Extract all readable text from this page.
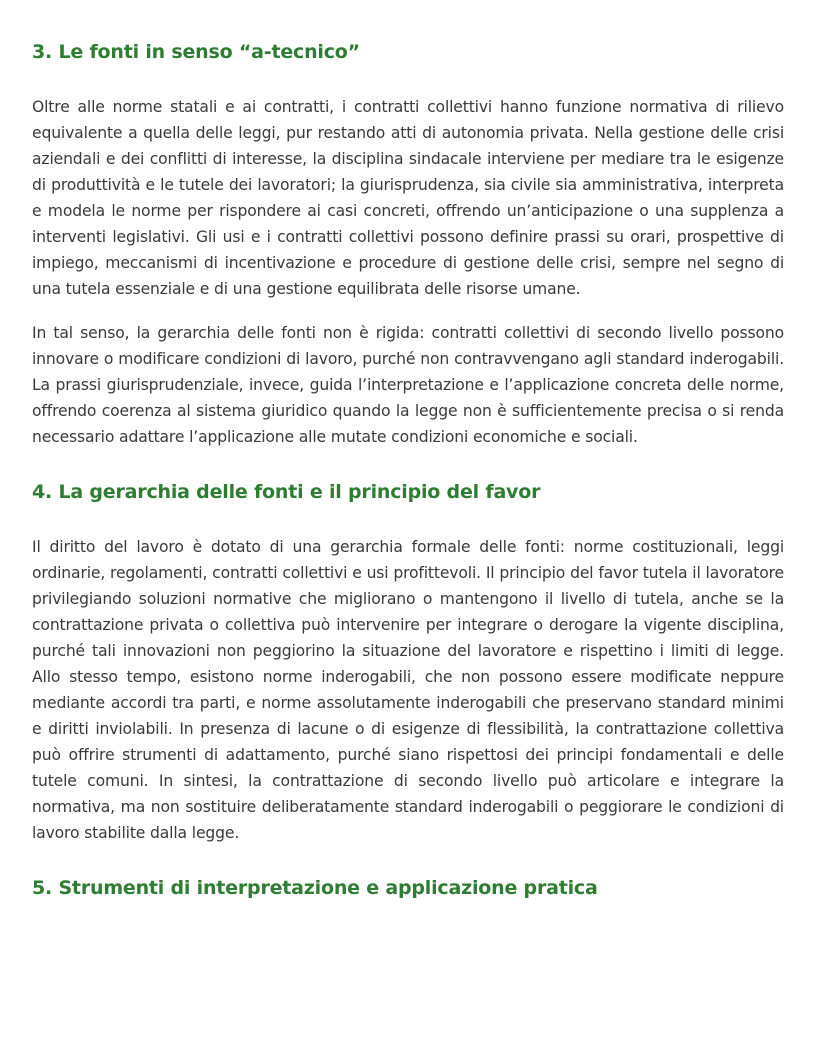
3. Le fonti in senso “a-tecnico”

Oltre alle norme statali e ai contratti, i contratti collettivi hanno funzione normativa di rilievo equivalente a quella delle leggi, pur restando atti di autonomia privata. Nella gestione delle crisi aziendali e dei conflitti di interesse, la disciplina sindacale interviene per mediare tra le esigenze di produttività e le tutele dei lavoratori; la giurisprudenza, sia civile sia amministrativa, interpreta e modela le norme per rispondere ai casi concreti, offrendo un’anticipazione o una supplenza a interventi legislativi. Gli usi e i contratti collettivi possono definire prassi su orari, prospettive di impiego, meccanismi di incentivazione e procedure di gestione delle crisi, sempre nel segno di una tutela essenziale e di una gestione equilibrata delle risorse umane.

In tal senso, la gerarchia delle fonti non è rigida: contratti collettivi di secondo livello possono innovare o modificare condizioni di lavoro, purché non contravvengano agli standard inderogabili. La prassi giurisprudenziale, invece, guida l’interpretazione e l’applicazione concreta delle norme, offrendo coerenza al sistema giuridico quando la legge non è sufficientemente precisa o si renda necessario adattare l’applicazione alle mutate condizioni economiche e sociali.

4. La gerarchia delle fonti e il principio del favor

Il diritto del lavoro è dotato di una gerarchia formale delle fonti: norme costituzionali, leggi ordinarie, regolamenti, contratti collettivi e usi profittevoli. Il principio del favor tutela il lavoratore privilegiando soluzioni normative che migliorano o mantengono il livello di tutela, anche se la contrattazione privata o collettiva può intervenire per integrare o derogare la vigente disciplina, purché tali innovazioni non peggiorino la situazione del lavoratore e rispettino i limiti di legge. Allo stesso tempo, esistono norme inderogabili, che non possono essere modificate neppure mediante accordi tra parti, e norme assolutamente inderogabili che preservano standard minimi e diritti inviolabili. In presenza di lacune o di esigenze di flessibilità, la contrattazione collettiva può offrire strumenti di adattamento, purché siano rispettosi dei principi fondamentali e delle tutele comuni. In sintesi, la contrattazione di secondo livello può articolare e integrare la normativa, ma non sostituire deliberatamente standard inderogabili o peggiorare le condizioni di lavoro stabilite dalla legge.

5. Strumenti di interpretazione e applicazione pratica
